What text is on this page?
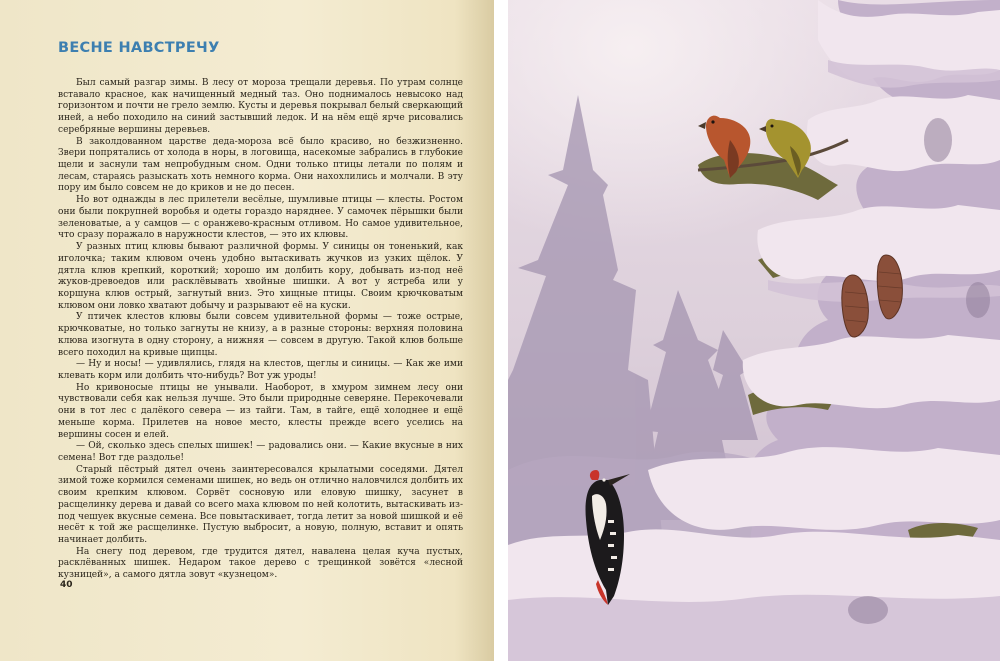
ВЕСНЕ НАВСТРЕЧУ

Был самый разгар зимы. В лесу от мороза трещали деревья. По утрам солнце вставало красное, как начищенный медный таз. Оно поднималось невысоко над горизонтом и почти не грело землю. Кусты и деревья покрывал белый сверкающий иней, а небо походило на синий застывший ледок. И на нём ещё ярче рисовались серебряные вершины деревьев.

В заколдованном царстве деда-мороза всё было красиво, но безжизненно. Звери попрятались от холода в норы, в логовища, насекомые забрались в глубокие щели и заснули там непробудным сном. Одни только птицы летали по полям и лесам, стараясь разыскать хоть немного корма. Они нахохлились и молчали. В эту пору им было совсем не до криков и не до песен.

Но вот однажды в лес прилетели весёлые, шумливые птицы — клесты. Ростом они были покрупней воробья и одеты гораздо наряднее. У самочек пёрышки были зеленоватые, а у самцов — с оранжево-красным отливом. Но самое удивительное, что сразу поражало в наружности клестов, — это их клювы.

У разных птиц клювы бывают различной формы. У синицы он тоненький, как иголочка; таким клювом очень удобно вытаскивать жучков из узких щёлок. У дятла клюв крепкий, короткий; хорошо им долбить кору, добывать из-под неё жуков-древоедов или расклёвывать хвойные шишки. А вот у ястреба или у коршуна клюв острый, загнутый вниз. Это хищные птицы. Своим крючковатым клювом они ловко хватают добычу и разрывают её на куски.

У птичек клестов клювы были совсем удивительной формы — тоже острые, крючковатые, но только загнуты не книзу, а в разные стороны: верхняя половина клюва изогнута в одну сторону, а нижняя — совсем в другую. Такой клюв больше всего походил на кривые щипцы.

— Ну и носы! — удивлялись, глядя на клестов, щеглы и синицы. — Как же ими клевать корм или долбить что-нибудь? Вот уж уроды!

Но кривоносые птицы не унывали. Наоборот, в хмуром зимнем лесу они чувствовали себя как нельзя лучше. Это были природные северяне. Перекочевали они в тот лес с далёкого севера — из тайги. Там, в тайге, ещё холоднее и ещё меньше корма. Прилетев на новое место, клесты прежде всего уселись на вершины сосен и елей.

— Ой, сколько здесь спелых шишек! — радовались они. — Какие вкусные в них семена! Вот где раздолье!

Старый пёстрый дятел очень заинтересовался крылатыми соседями. Дятел зимой тоже кормился семенами шишек, но ведь он отлично наловчился долбить их своим крепким клювом. Сорвёт сосновую или еловую шишку, засунет в расщелинку дерева и давай со всего маха клювом по ней колотить, вытаскивать из-под чешуек вкусные семена. Все повытаскивает, тогда летит за новой шишкой и её несёт к той же расщелинке. Пустую выбросит, а новую, полную, вставит и опять начинает долбить.

На снегу под деревом, где трудится дятел, навалена целая куча пустых, расклёванных шишек. Недаром такое дерево с трещинкой зовётся «лесной кузницей», а самого дятла зовут «кузнецом».

40
